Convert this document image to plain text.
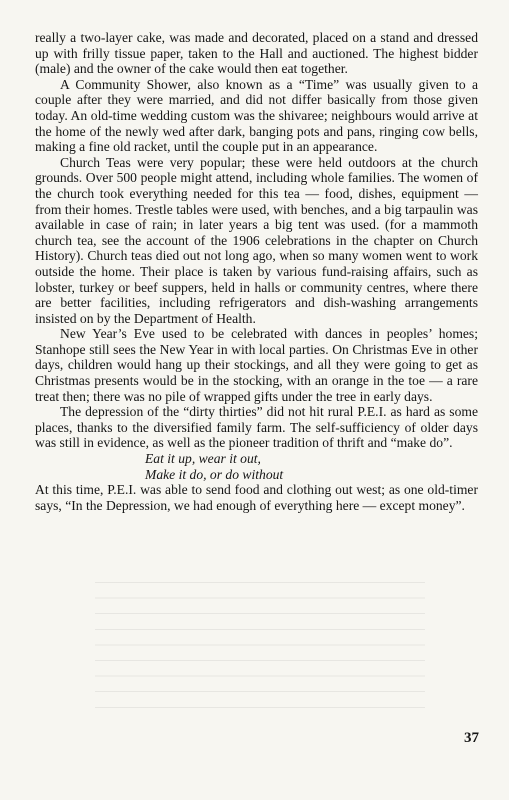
really a two-layer cake, was made and decorated, placed on a stand and dressed up with frilly tissue paper, taken to the Hall and auctioned. The highest bidder (male) and the owner of the cake would then eat together.

A Community Shower, also known as a “Time” was usually given to a couple after they were married, and did not differ basically from those given today. An old-time wedding custom was the shivaree; neighbours would arrive at the home of the newly wed after dark, banging pots and pans, ringing cow bells, making a fine old racket, until the couple put in an appearance.

Church Teas were very popular; these were held outdoors at the church grounds. Over 500 people might attend, including whole families. The women of the church took everything needed for this tea — food, dishes, equipment — from their homes. Trestle tables were used, with benches, and a big tarpaulin was available in case of rain; in later years a big tent was used. (for a mammoth church tea, see the account of the 1906 celebrations in the chapter on Church History). Church teas died out not long ago, when so many women went to work outside the home. Their place is taken by various fund-raising affairs, such as lobster, turkey or beef suppers, held in halls or community centres, where there are better facilities, including refrigerators and dish-washing arrangements insisted on by the Department of Health.

New Year’s Eve used to be celebrated with dances in peoples’ homes; Stanhope still sees the New Year in with local parties. On Christmas Eve in other days, children would hang up their stockings, and all they were going to get as Christmas presents would be in the stocking, with an orange in the toe — a rare treat then; there was no pile of wrapped gifts under the tree in early days.

The depression of the “dirty thirties” did not hit rural P.E.I. as hard as some places, thanks to the diversified family farm. The self-sufficiency of older days was still in evidence, as well as the pioneer tradition of thrift and “make do”.

Eat it up, wear it out,
Make it do, or do without

At this time, P.E.I. was able to send food and clothing out west; as one old-timer says, “In the Depression, we had enough of everything here — except money”.

37
